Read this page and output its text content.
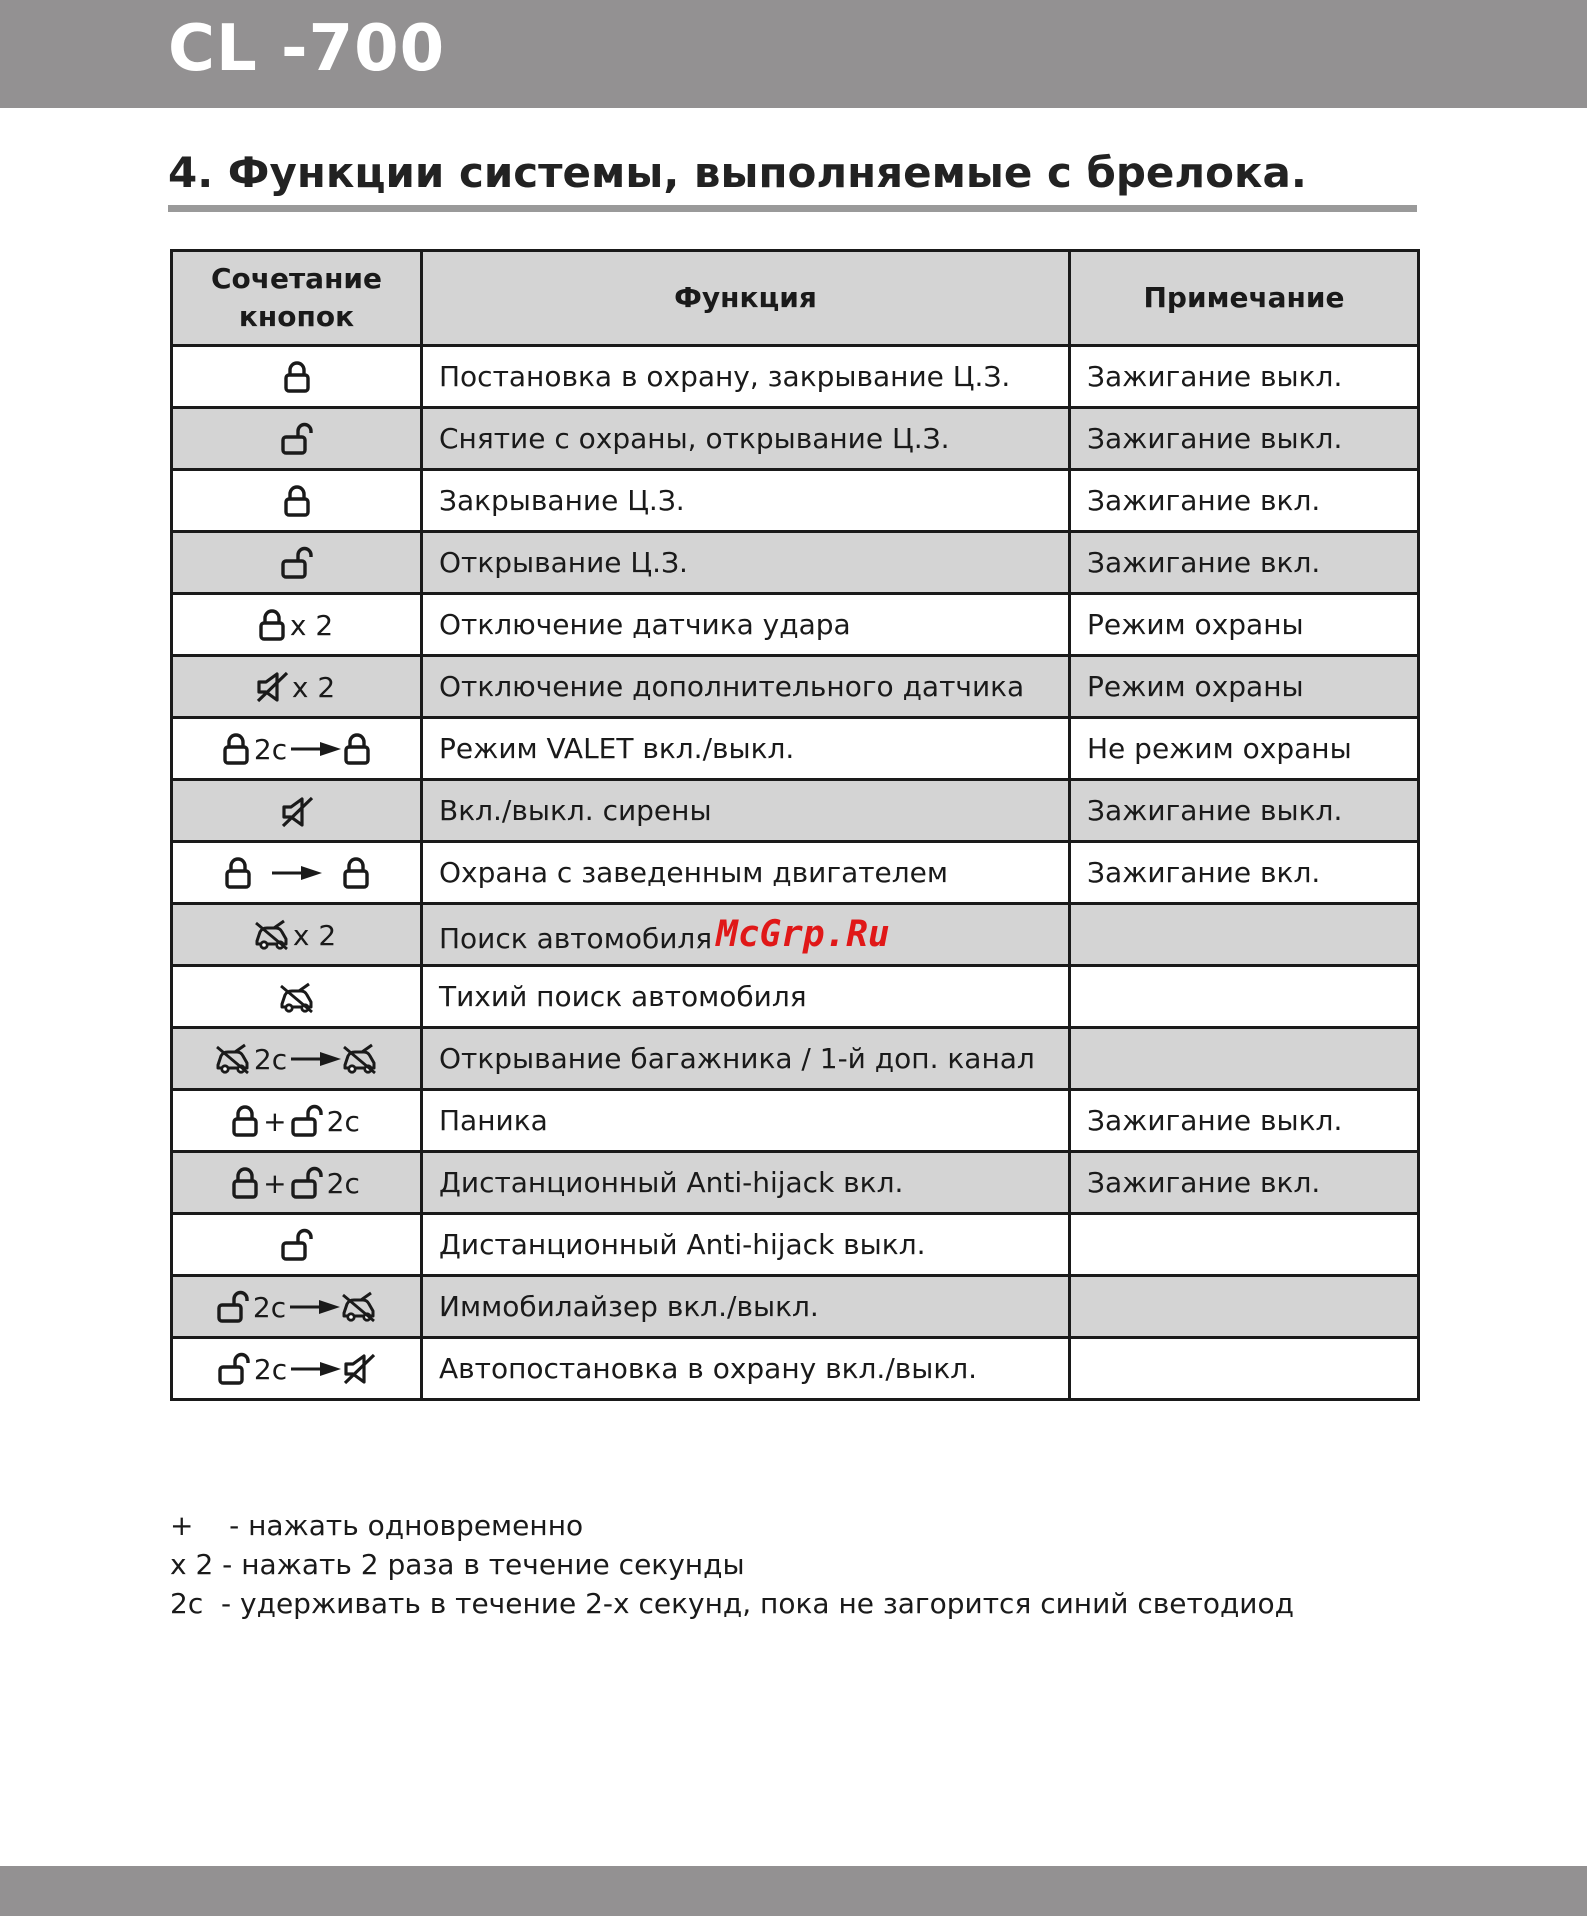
CL -700
4. Функции системы, выполняемые с брелока.
Сочетание кнопок	Функция	Примечание

	Постановка в охрану, закрывание Ц.З.	Зажигание выкл.

	Снятие с охраны, открывание Ц.З.	Зажигание выкл.

	Закрывание Ц.З.	Зажигание вкл.

	Открывание Ц.З.	Зажигание вкл.

x 2	Отключение датчика удара	Режим охраны

x 2	Отключение дополнительного датчика	Режим охраны

2с	Режим VALET вкл./выкл.	Не режим охраны

	Вкл./выкл. сирены	Зажигание выкл.

	Охрана с заведенным двигателем	Зажигание вкл.

x 2	Поиск автомобиля McGrp.Ru	

	Тихий поиск автомобиля	

2с	Открывание багажника / 1-й доп. канал	

+ 2с	Паника	Зажигание выкл.

+ 2с	Дистанционный Anti-hijack вкл.	Зажигание вкл.

	Дистанционный Anti-hijack выкл.	

2с	Иммобилайзер вкл./выкл.	

2с	Автопостановка в охрану вкл./выкл.	
+    - нажать одновременно
x 2 - нажать 2 раза в течение секунды
2с  - удерживать в течение 2-х секунд, пока не загорится синий светодиод
